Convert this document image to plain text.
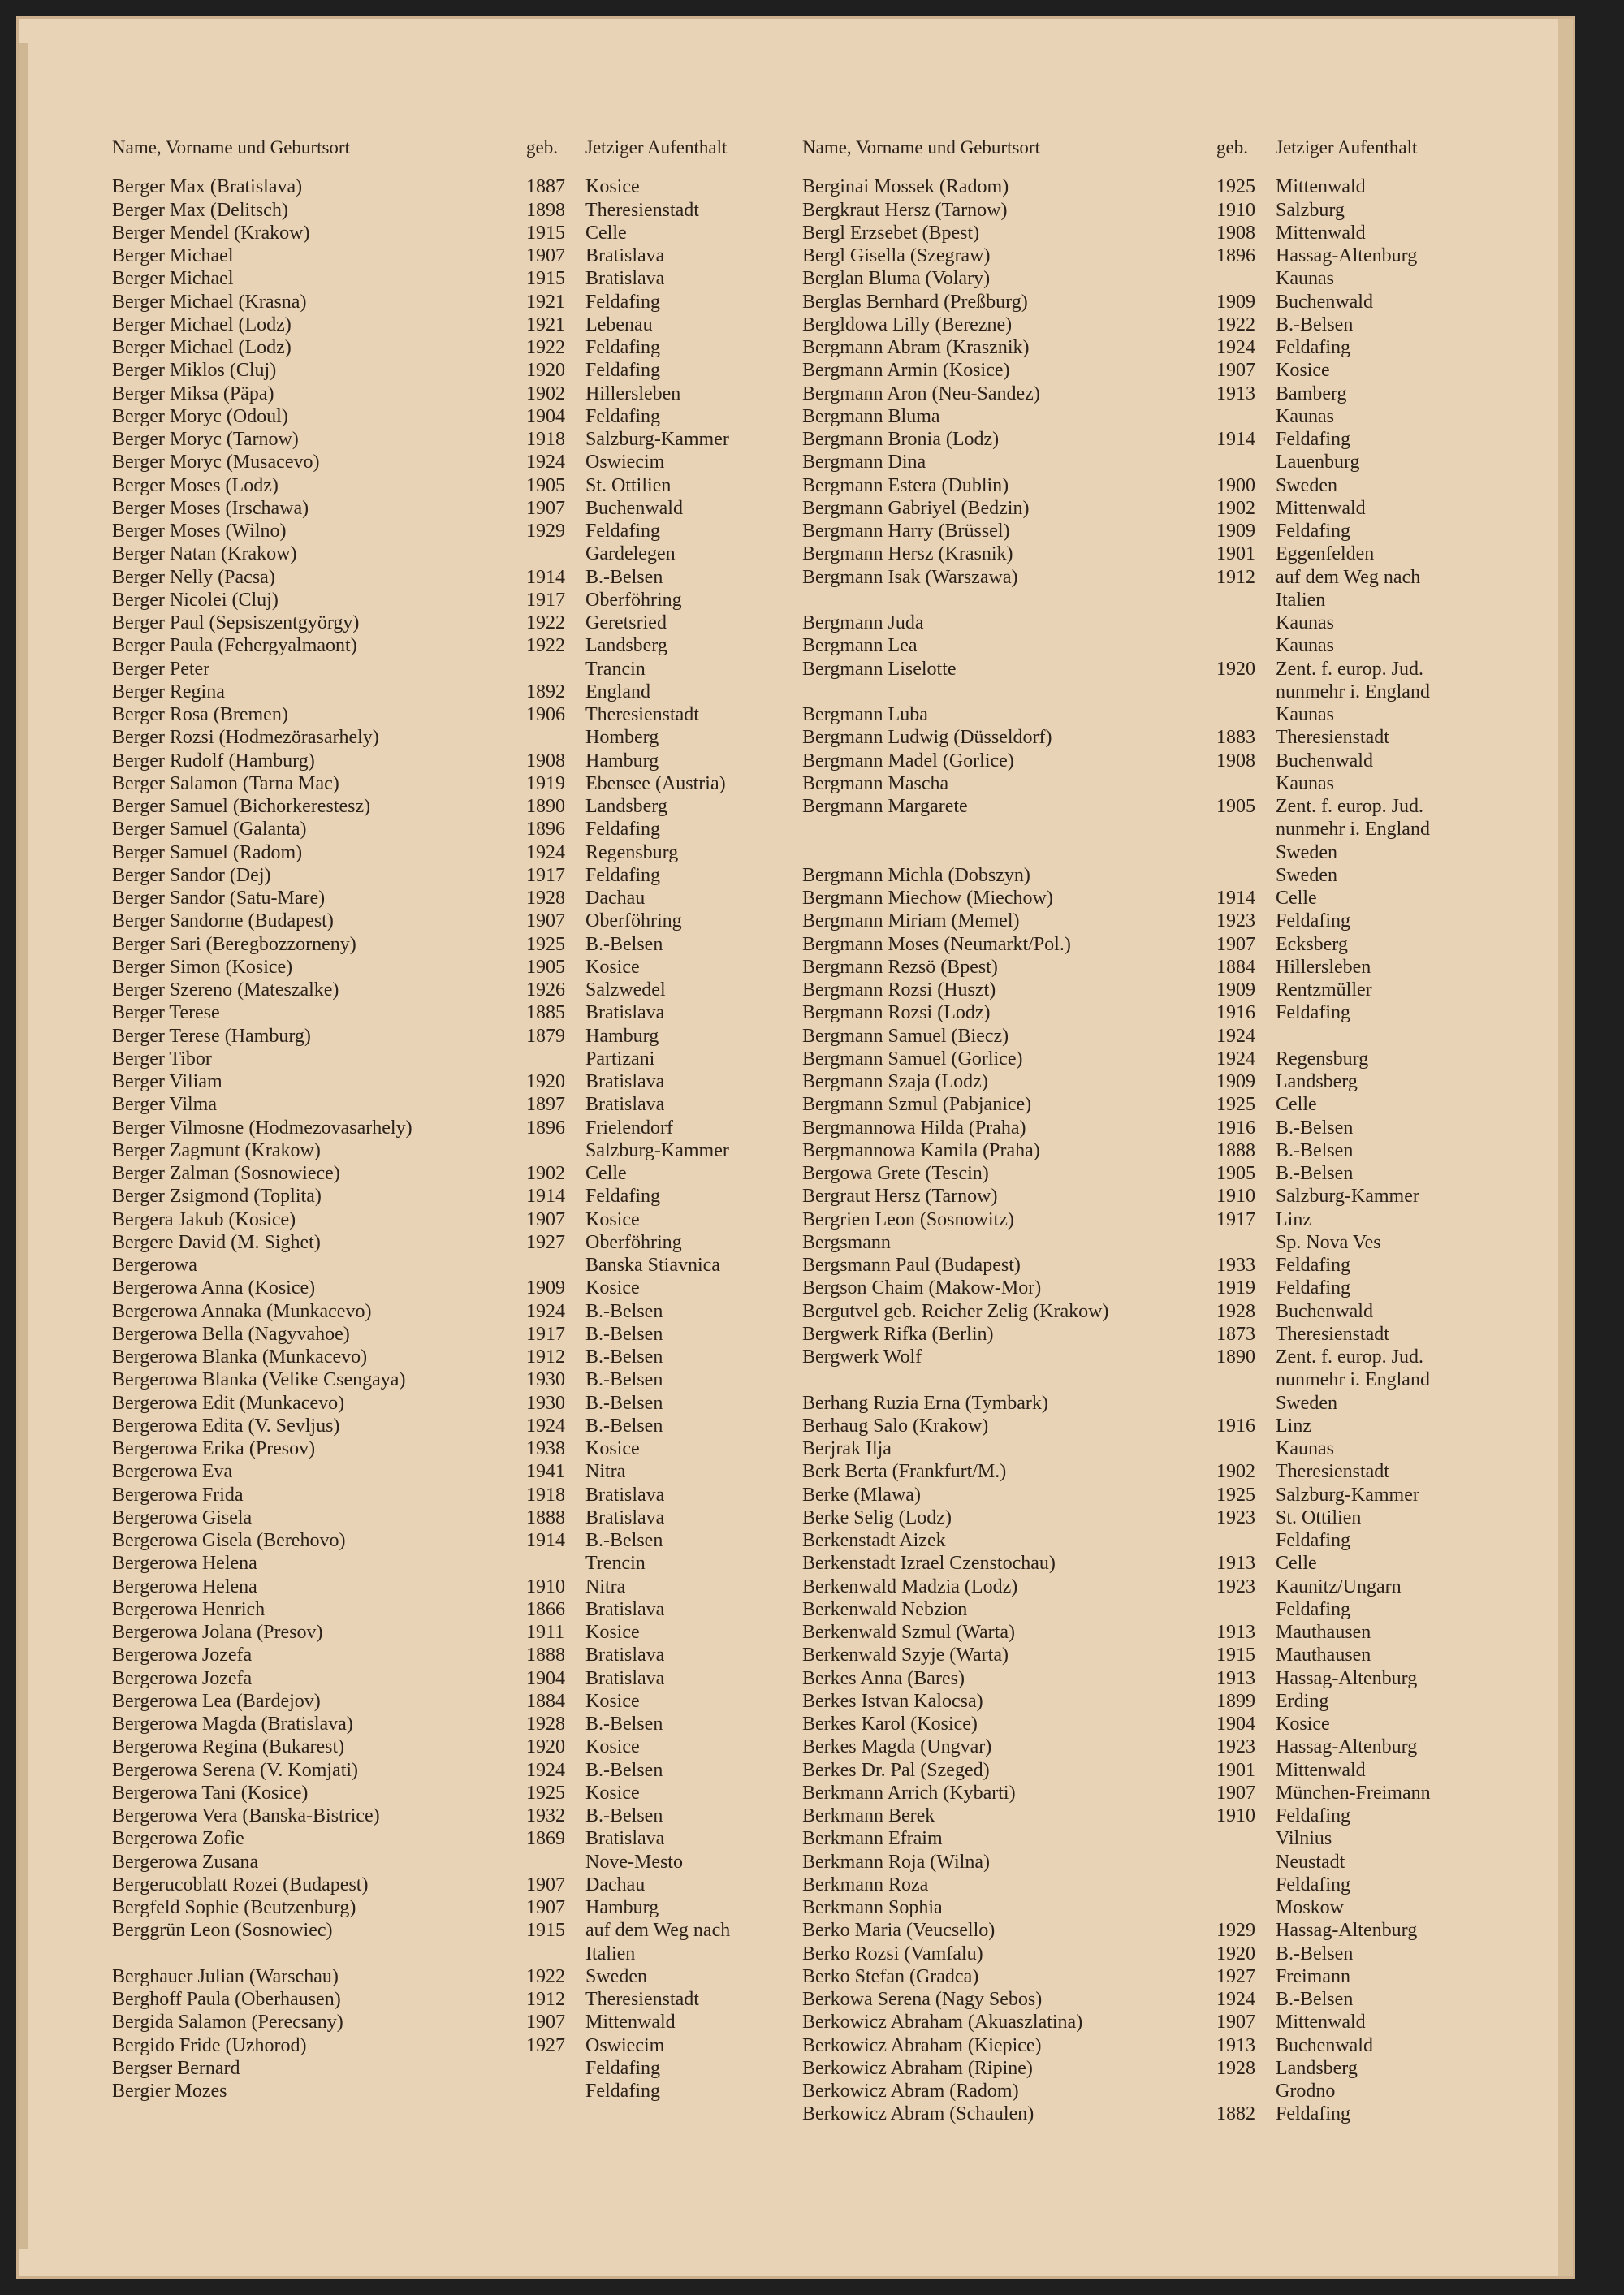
Name, Vorname und Geburtsort	geb.	Jetziger Aufenthalt
Berger Max (Bratislava)	1887	Kosice
Berger Max (Delitsch)	1898	Theresienstadt
Berger Mendel (Krakow)	1915	Celle
Berger Michael	1907	Bratislava
Berger Michael	1915	Bratislava
Berger Michael (Krasna)	1921	Feldafing
Berger Michael (Lodz)	1921	Lebenau
Berger Michael (Lodz)	1922	Feldafing
Berger Miklos (Cluj)	1920	Feldafing
Berger Miksa (Päpa)	1902	Hillersleben
Berger Moryc (Odoul)	1904	Feldafing
Berger Moryc (Tarnow)	1918	Salzburg-Kammer
Berger Moryc (Musacevo)	1924	Oswiecim
Berger Moses (Lodz)	1905	St. Ottilien
Berger Moses (Irschawa)	1907	Buchenwald
Berger Moses (Wilno)	1929	Feldafing
Berger Natan (Krakow)		Gardelegen
Berger Nelly (Pacsa)	1914	B.-Belsen
Berger Nicolei (Cluj)	1917	Oberföhring
Berger Paul (Sepsiszentgyörgy)	1922	Geretsried
Berger Paula (Fehergyalmaont)	1922	Landsberg
Berger Peter		Trancin
Berger Regina	1892	England
Berger Rosa (Bremen)	1906	Theresienstadt
Berger Rozsi (Hodmezörasarhely)		Homberg
Berger Rudolf (Hamburg)	1908	Hamburg
Berger Salamon (Tarna Mac)	1919	Ebensee (Austria)
Berger Samuel (Bichorkerestesz)	1890	Landsberg
Berger Samuel (Galanta)	1896	Feldafing
Berger Samuel (Radom)	1924	Regensburg
Berger Sandor (Dej)	1917	Feldafing
Berger Sandor (Satu-Mare)	1928	Dachau
Berger Sandorne (Budapest)	1907	Oberföhring
Berger Sari (Beregbozzorneny)	1925	B.-Belsen
Berger Simon (Kosice)	1905	Kosice
Berger Szereno (Mateszalke)	1926	Salzwedel
Berger Terese	1885	Bratislava
Berger Terese (Hamburg)	1879	Hamburg
Berger Tibor		Partizani
Berger Viliam	1920	Bratislava
Berger Vilma	1897	Bratislava
Berger Vilmosne (Hodmezovasarhely)	1896	Frielendorf
Berger Zagmunt (Krakow)		Salzburg-Kammer
Berger Zalman (Sosnowiece)	1902	Celle
Berger Zsigmond (Toplita)	1914	Feldafing
Bergera Jakub (Kosice)	1907	Kosice
Bergere David (M. Sighet)	1927	Oberföhring
Bergerowa		Banska Stiavnica
Bergerowa Anna (Kosice)	1909	Kosice
Bergerowa Annaka (Munkacevo)	1924	B.-Belsen
Bergerowa Bella (Nagyvahoe)	1917	B.-Belsen
Bergerowa Blanka (Munkacevo)	1912	B.-Belsen
Bergerowa Blanka (Velike Csengaya)	1930	B.-Belsen
Bergerowa Edit (Munkacevo)	1930	B.-Belsen
Bergerowa Edita (V. Sevljus)	1924	B.-Belsen
Bergerowa Erika (Presov)	1938	Kosice
Bergerowa Eva	1941	Nitra
Bergerowa Frida	1918	Bratislava
Bergerowa Gisela	1888	Bratislava
Bergerowa Gisela (Berehovo)	1914	B.-Belsen
Bergerowa Helena		Trencin
Bergerowa Helena	1910	Nitra
Bergerowa Henrich	1866	Bratislava
Bergerowa Jolana (Presov)	1911	Kosice
Bergerowa Jozefa	1888	Bratislava
Bergerowa Jozefa	1904	Bratislava
Bergerowa Lea (Bardejov)	1884	Kosice
Bergerowa Magda (Bratislava)	1928	B.-Belsen
Bergerowa Regina (Bukarest)	1920	Kosice
Bergerowa Serena (V. Komjati)	1924	B.-Belsen
Bergerowa Tani (Kosice)	1925	Kosice
Bergerowa Vera (Banska-Bistrice)	1932	B.-Belsen
Bergerowa Zofie	1869	Bratislava
Bergerowa Zusana		Nove-Mesto
Bergerucoblatt Rozei (Budapest)	1907	Dachau
Bergfeld Sophie (Beutzenburg)	1907	Hamburg
Berggrün Leon (Sosnowiec)	1915	auf dem Weg nach
		Italien
Berghauer Julian (Warschau)	1922	Sweden
Berghoff Paula (Oberhausen)	1912	Theresienstadt
Bergida Salamon (Perecsany)	1907	Mittenwald
Bergido Fride (Uzhorod)	1927	Oswiecim
Bergser Bernard		Feldafing
Bergier Mozes		Feldafing
Name, Vorname und Geburtsort	geb.	Jetziger Aufenthalt
Berginai Mossek (Radom)	1925	Mittenwald
Bergkraut Hersz (Tarnow)	1910	Salzburg
Bergl Erzsebet (Bpest)	1908	Mittenwald
Bergl Gisella (Szegraw)	1896	Hassag-Altenburg
Berglan Bluma (Volary)		Kaunas
Berglas Bernhard (Preßburg)	1909	Buchenwald
Bergldowa Lilly (Berezne)	1922	B.-Belsen
Bergmann Abram (Krasznik)	1924	Feldafing
Bergmann Armin (Kosice)	1907	Kosice
Bergmann Aron (Neu-Sandez)	1913	Bamberg
Bergmann Bluma		Kaunas
Bergmann Bronia (Lodz)	1914	Feldafing
Bergmann Dina		Lauenburg
Bergmann Estera (Dublin)	1900	Sweden
Bergmann Gabriyel (Bedzin)	1902	Mittenwald
Bergmann Harry (Brüssel)	1909	Feldafing
Bergmann Hersz (Krasnik)	1901	Eggenfelden
Bergmann Isak (Warszawa)	1912	auf dem Weg nach
		Italien
Bergmann Juda		Kaunas
Bergmann Lea		Kaunas
Bergmann Liselotte	1920	Zent. f. europ. Jud.
		nunmehr i. England
Bergmann Luba		Kaunas
Bergmann Ludwig (Düsseldorf)	1883	Theresienstadt
Bergmann Madel (Gorlice)	1908	Buchenwald
Bergmann Mascha		Kaunas
Bergmann Margarete	1905	Zent. f. europ. Jud.
		nunmehr i. England
		Sweden
Bergmann Michla (Dobszyn)		Sweden
Bergmann Miechow (Miechow)	1914	Celle
Bergmann Miriam (Memel)	1923	Feldafing
Bergmann Moses (Neumarkt/Pol.)	1907	Ecksberg
Bergmann Rezsö (Bpest)	1884	Hillersleben
Bergmann Rozsi (Huszt)	1909	Rentzmüller
Bergmann Rozsi (Lodz)	1916	Feldafing
Bergmann Samuel (Biecz)	1924	
Bergmann Samuel (Gorlice)	1924	Regensburg
Bergmann Szaja (Lodz)	1909	Landsberg
Bergmann Szmul (Pabjanice)	1925	Celle
Bergmannowa Hilda (Praha)	1916	B.-Belsen
Bergmannowa Kamila (Praha)	1888	B.-Belsen
Bergowa Grete (Tescin)	1905	B.-Belsen
Bergraut Hersz (Tarnow)	1910	Salzburg-Kammer
Bergrien Leon (Sosnowitz)	1917	Linz
Bergsmann		Sp. Nova Ves
Bergsmann Paul (Budapest)	1933	Feldafing
Bergson Chaim (Makow-Mor)	1919	Feldafing
Bergutvel geb. Reicher Zelig (Krakow)	1928	Buchenwald
Bergwerk Rifka (Berlin)	1873	Theresienstadt
Bergwerk Wolf	1890	Zent. f. europ. Jud.
		nunmehr i. England
Berhang Ruzia Erna (Tymbark)		Sweden
Berhaug Salo (Krakow)	1916	Linz
Berjrak Ilja		Kaunas
Berk Berta (Frankfurt/M.)	1902	Theresienstadt
Berke (Mlawa)	1925	Salzburg-Kammer
Berke Selig (Lodz)	1923	St. Ottilien
Berkenstadt Aizek		Feldafing
Berkenstadt Izrael Czenstochau)	1913	Celle
Berkenwald Madzia (Lodz)	1923	Kaunitz/Ungarn
Berkenwald Nebzion		Feldafing
Berkenwald Szmul (Warta)	1913	Mauthausen
Berkenwald Szyje (Warta)	1915	Mauthausen
Berkes Anna (Bares)	1913	Hassag-Altenburg
Berkes Istvan Kalocsa)	1899	Erding
Berkes Karol (Kosice)	1904	Kosice
Berkes Magda (Ungvar)	1923	Hassag-Altenburg
Berkes Dr. Pal (Szeged)	1901	Mittenwald
Berkmann Arrich (Kybarti)	1907	München-Freimann
Berkmann Berek	1910	Feldafing
Berkmann Efraim		Vilnius
Berkmann Roja (Wilna)		Neustadt
Berkmann Roza		Feldafing
Berkmann Sophia		Moskow
Berko Maria (Veucsello)	1929	Hassag-Altenburg
Berko Rozsi (Vamfalu)	1920	B.-Belsen
Berko Stefan (Gradca)	1927	Freimann
Berkowa Serena (Nagy Sebos)	1924	B.-Belsen
Berkowicz Abraham (Akuaszlatina)	1907	Mittenwald
Berkowicz Abraham (Kiepice)	1913	Buchenwald
Berkowicz Abraham (Ripine)	1928	Landsberg
Berkowicz Abram (Radom)		Grodno
Berkowicz Abram (Schaulen)	1882	Feldafing
